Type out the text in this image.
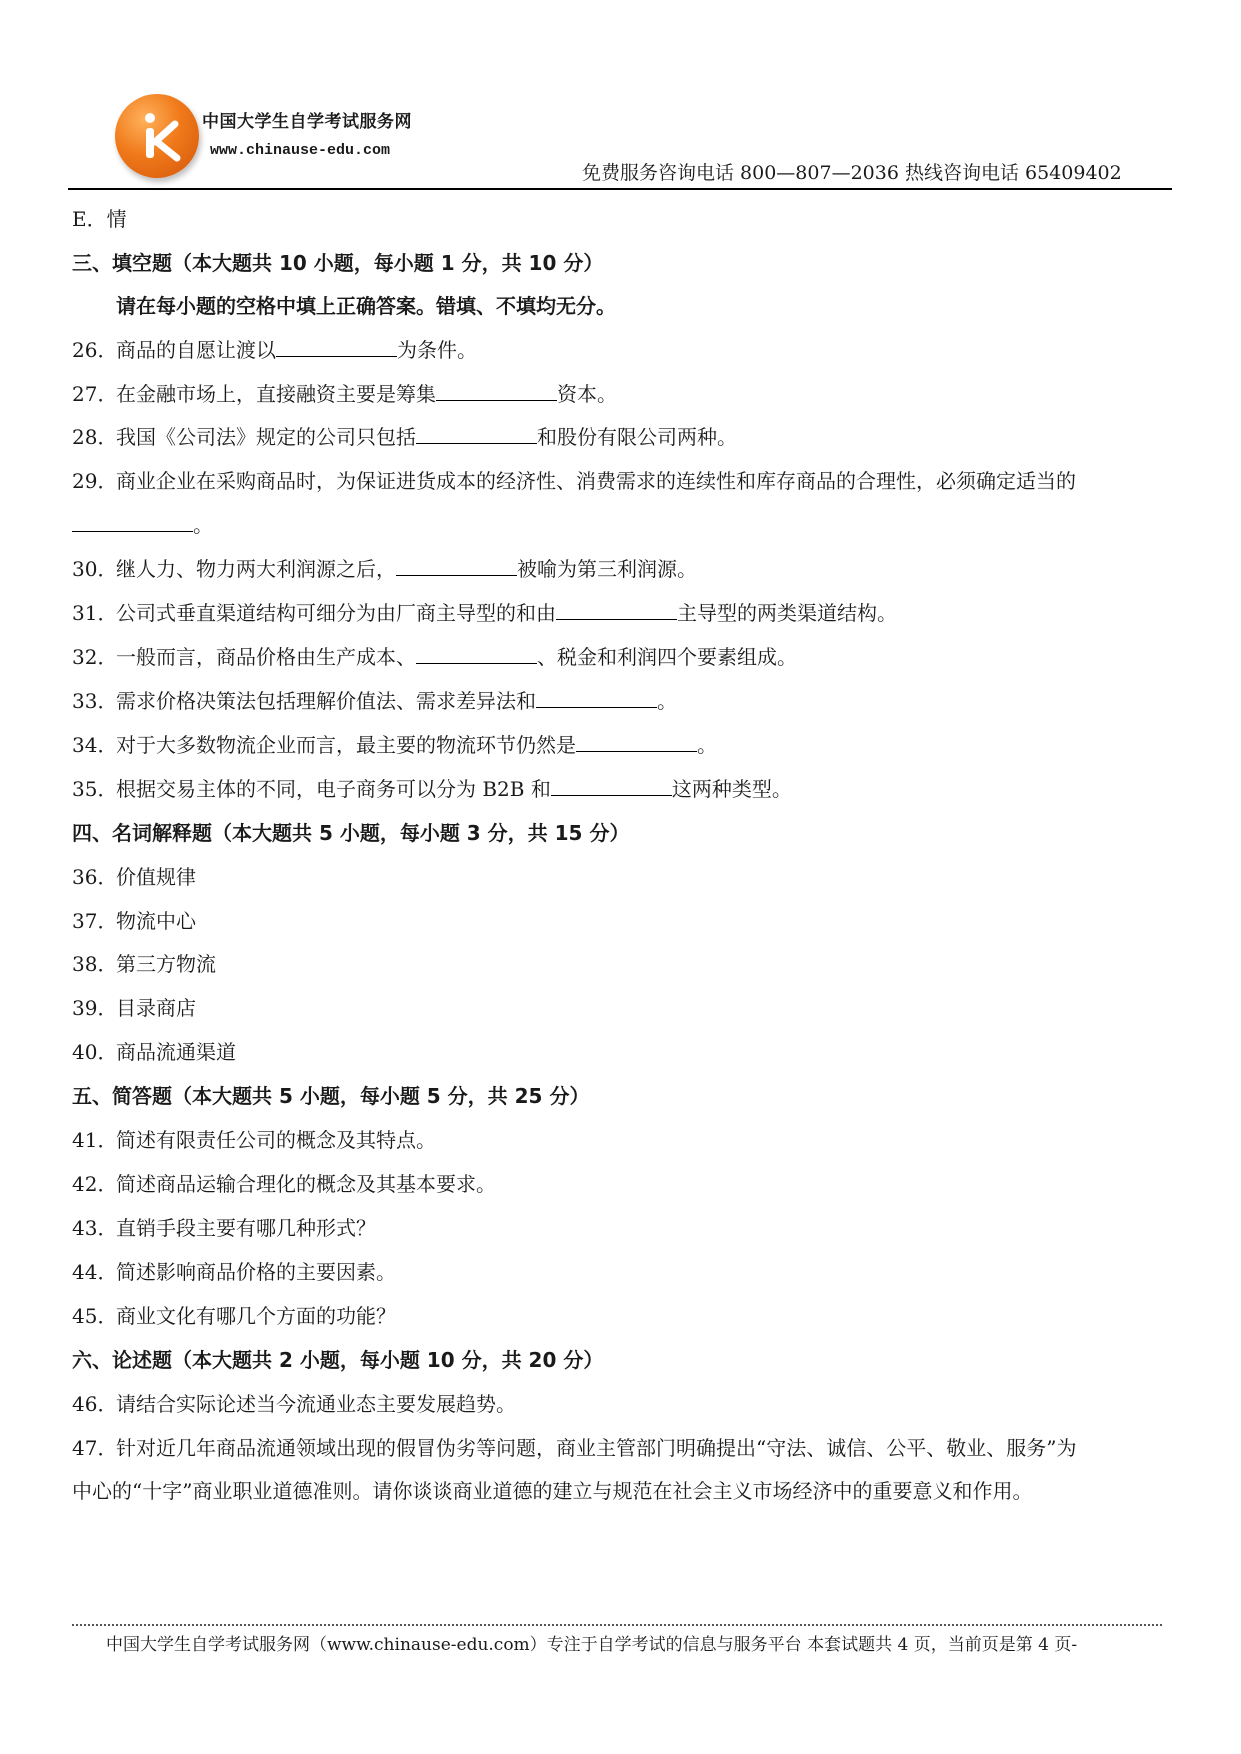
中国大学生自学考试服务网
www.chinause-edu.com
免费服务咨询电话 800—807—2036 热线咨询电话 65409402
E．情
三、填空题（本大题共 10 小题，每小题 1 分，共 10 分）
请在每小题的空格中填上正确答案。错填、不填均无分。
26．商品的自愿让渡以	为条件。
27．在金融市场上，直接融资主要是筹集	资本。
28．我国《公司法》规定的公司只包括	和股份有限公司两种。
29．商业企业在采购商品时，为保证进货成本的经济性、消费需求的连续性和库存商品的合理性，必须确定适当的
。
30．继人力、物力两大利润源之后，	被喻为第三利润源。
31．公司式垂直渠道结构可细分为由厂商主导型的和由	主导型的两类渠道结构。
32．一般而言，商品价格由生产成本、	、税金和利润四个要素组成。
33．需求价格决策法包括理解价值法、需求差异法和	。
34．对于大多数物流企业而言，最主要的物流环节仍然是	。
35．根据交易主体的不同，电子商务可以分为 B2B 和	这两种类型。
四、名词解释题（本大题共 5 小题，每小题 3 分，共 15 分）
36．价值规律
37．物流中心
38．第三方物流
39．目录商店
40．商品流通渠道
五、简答题（本大题共 5 小题，每小题 5 分，共 25 分）
41．简述有限责任公司的概念及其特点。
42．简述商品运输合理化的概念及其基本要求。
43．直销手段主要有哪几种形式？
44．简述影响商品价格的主要因素。
45．商业文化有哪几个方面的功能？
六、论述题（本大题共 2 小题，每小题 10 分，共 20 分）
46．请结合实际论述当今流通业态主要发展趋势。
47．针对近几年商品流通领域出现的假冒伪劣等问题，商业主管部门明确提出“守法、诚信、公平、敬业、服务”为
中心的“十字”商业职业道德准则。请你谈谈商业道德的建立与规范在社会主义市场经济中的重要意义和作用。
中国大学生自学考试服务网（www.chinause-edu.com）专注于自学考试的信息与服务平台 本套试题共 4 页，当前页是第 4 页-
